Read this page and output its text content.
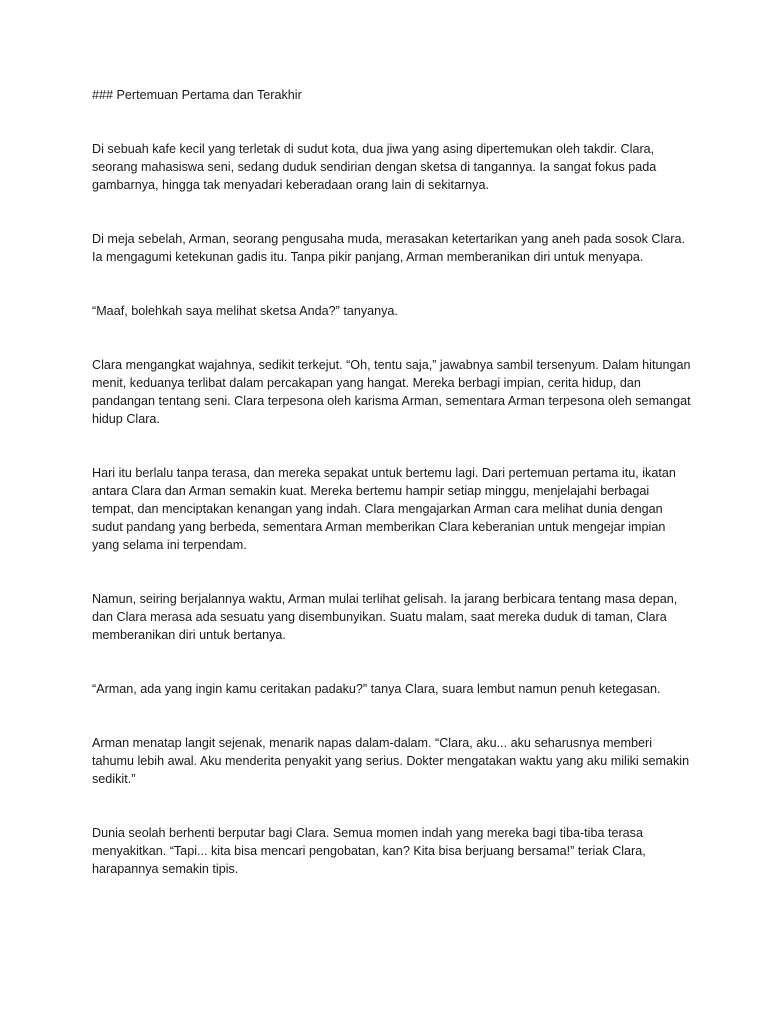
### Pertemuan Pertama dan Terakhir

Di sebuah kafe kecil yang terletak di sudut kota, dua jiwa yang asing dipertemukan oleh takdir. Clara, seorang mahasiswa seni, sedang duduk sendirian dengan sketsa di tangannya. Ia sangat fokus pada gambarnya, hingga tak menyadari keberadaan orang lain di sekitarnya.

Di meja sebelah, Arman, seorang pengusaha muda, merasakan ketertarikan yang aneh pada sosok Clara. Ia mengagumi ketekunan gadis itu. Tanpa pikir panjang, Arman memberanikan diri untuk menyapa.

“Maaf, bolehkah saya melihat sketsa Anda?” tanyanya.

Clara mengangkat wajahnya, sedikit terkejut. “Oh, tentu saja,” jawabnya sambil tersenyum. Dalam hitungan menit, keduanya terlibat dalam percakapan yang hangat. Mereka berbagi impian, cerita hidup, dan pandangan tentang seni. Clara terpesona oleh karisma Arman, sementara Arman terpesona oleh semangat hidup Clara.

Hari itu berlalu tanpa terasa, dan mereka sepakat untuk bertemu lagi. Dari pertemuan pertama itu, ikatan antara Clara dan Arman semakin kuat. Mereka bertemu hampir setiap minggu, menjelajahi berbagai tempat, dan menciptakan kenangan yang indah. Clara mengajarkan Arman cara melihat dunia dengan sudut pandang yang berbeda, sementara Arman memberikan Clara keberanian untuk mengejar impian yang selama ini terpendam.

Namun, seiring berjalannya waktu, Arman mulai terlihat gelisah. Ia jarang berbicara tentang masa depan, dan Clara merasa ada sesuatu yang disembunyikan. Suatu malam, saat mereka duduk di taman, Clara memberanikan diri untuk bertanya.

“Arman, ada yang ingin kamu ceritakan padaku?” tanya Clara, suara lembut namun penuh ketegasan.

Arman menatap langit sejenak, menarik napas dalam-dalam. “Clara, aku... aku seharusnya memberi tahumu lebih awal. Aku menderita penyakit yang serius. Dokter mengatakan waktu yang aku miliki semakin sedikit.”

Dunia seolah berhenti berputar bagi Clara. Semua momen indah yang mereka bagi tiba-tiba terasa menyakitkan. “Tapi... kita bisa mencari pengobatan, kan? Kita bisa berjuang bersama!” teriak Clara, harapannya semakin tipis.
